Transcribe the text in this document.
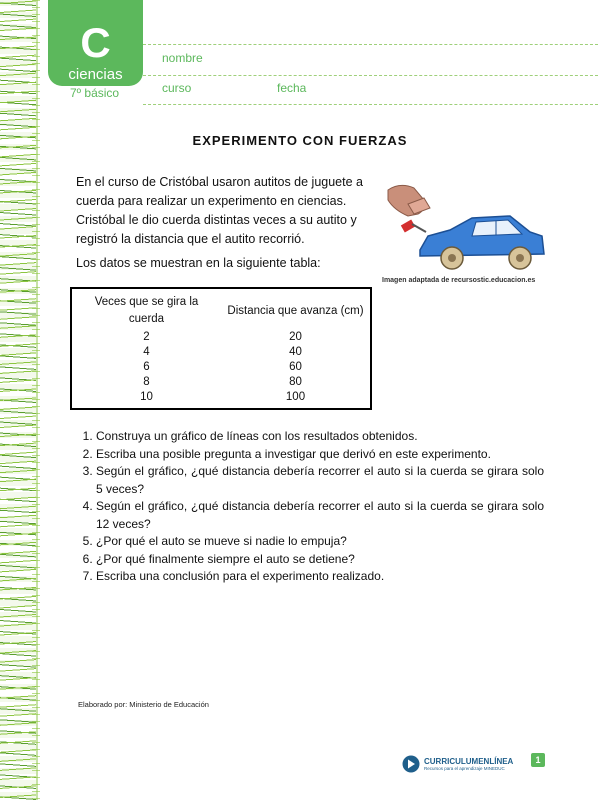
C
ciencias
7º básico
nombre
curso	fecha
EXPERIMENTO CON FUERZAS
En el curso de Cristóbal usaron autitos de juguete a cuerda para realizar un experimento en ciencias. Cristóbal le dio cuerda distintas veces a su autito y registró la distancia que el autito recorrió.
Los datos se muestran en la siguiente tabla:
Imagen adaptada de recursostic.educacion.es
Veces que se gira la cuerda	Distancia que avanza (cm)
2	20
4	40
6	60
8	80
10	100
1. Construya un gráfico de líneas con los resultados obtenidos.
2. Escriba una posible pregunta a investigar que derivó en este experimento.
3. Según el gráfico, ¿qué distancia debería recorrer el auto si la cuerda se girara solo 5 veces?
4. Según el gráfico, ¿qué distancia debería recorrer el auto si la cuerda se girara solo 12 veces?
5. ¿Por qué el auto se mueve si nadie lo empuja?
6. ¿Por qué finalmente siempre el auto se detiene?
7. Escriba una conclusión para el experimento realizado.
Elaborado por: Ministerio de Educación
CURRICULUMENLÍNEA
Recursos para el aprendizaje MINEDUC
1
